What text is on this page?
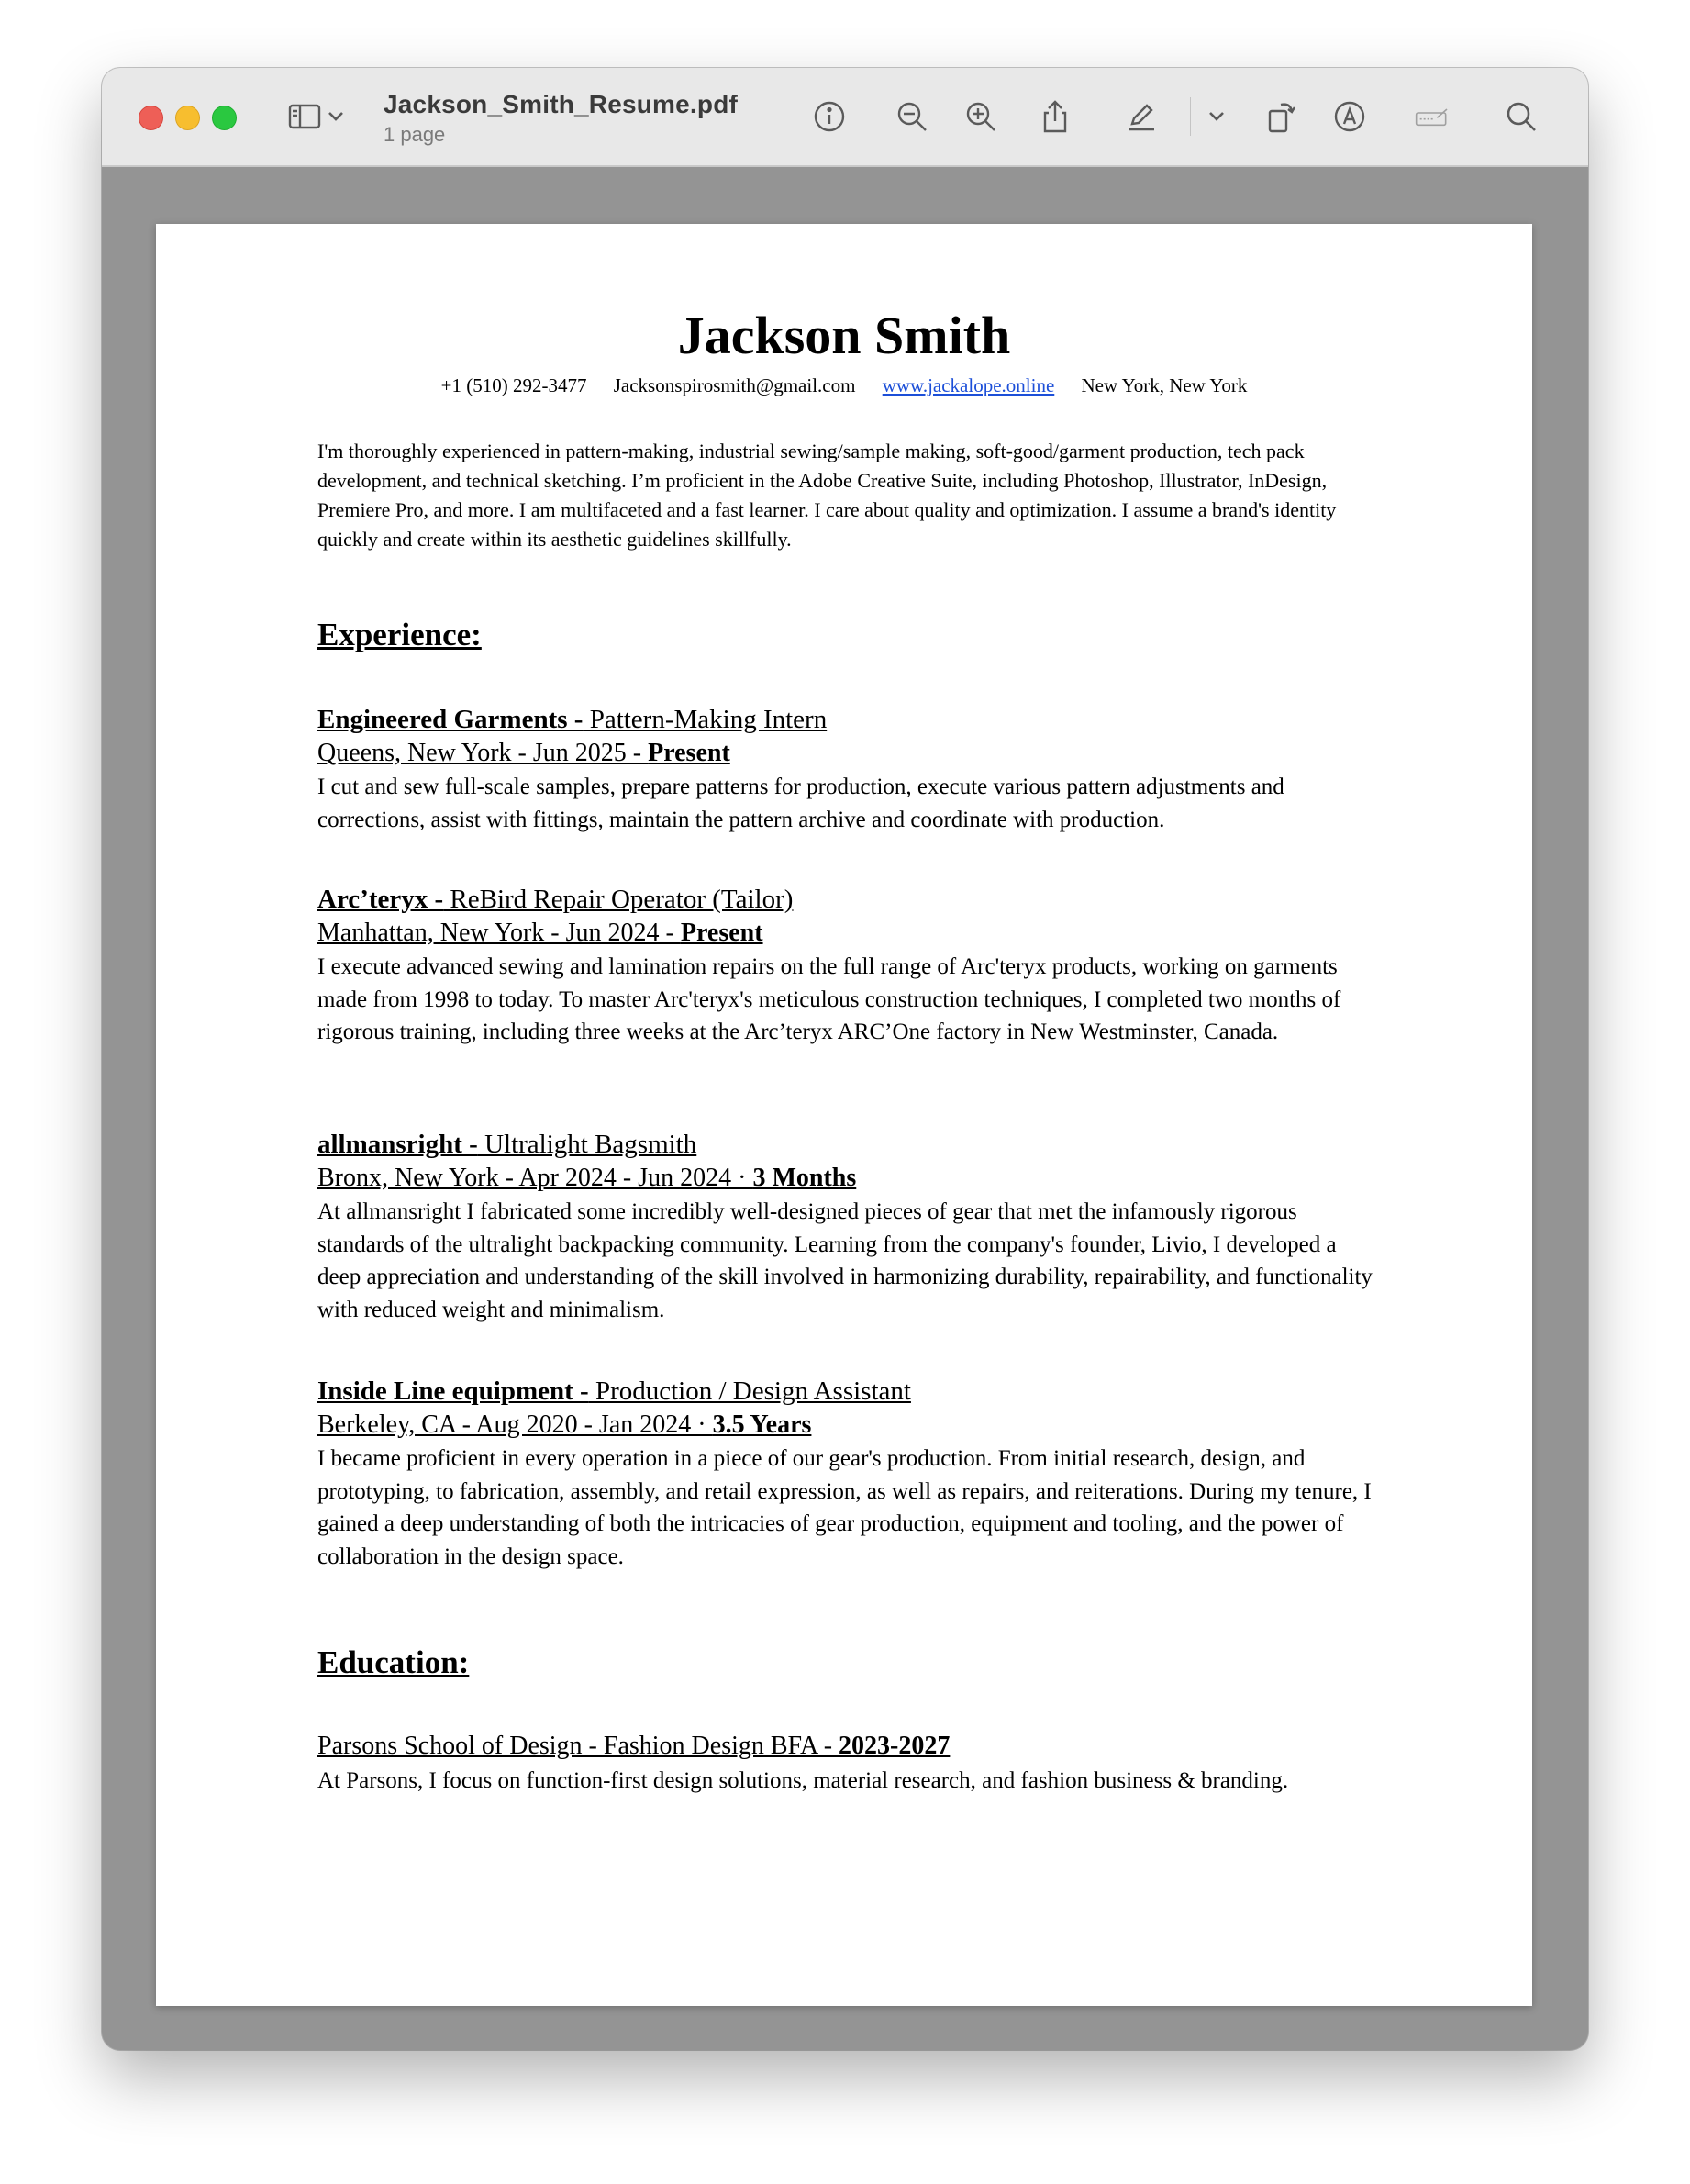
Jackson_Smith_Resume.pdf
1 page
Jackson Smith
+1 (510) 292-3477 Jacksonspirosmith@gmail.com www.jackalope.online New York, New York
I'm thoroughly experienced in pattern-making, industrial sewing/sample making, soft-good/garment production, tech pack development, and technical sketching. I’m proficient in the Adobe Creative Suite, including Photoshop, Illustrator, InDesign, Premiere Pro, and more. I am multifaceted and a fast learner. I care about quality and optimization. I assume a brand's identity quickly and create within its aesthetic guidelines skillfully.
Experience:
Engineered Garments - Pattern-Making Intern
Queens, New York - Jun 2025 - Present
I cut and sew full-scale samples, prepare patterns for production, execute various pattern adjustments and corrections, assist with fittings, maintain the pattern archive and coordinate with production.
Arc’teryx - ReBird Repair Operator (Tailor)
Manhattan, New York - Jun 2024 - Present
I execute advanced sewing and lamination repairs on the full range of Arc'teryx products, working on garments made from 1998 to today. To master Arc'teryx's meticulous construction techniques, I completed two months of rigorous training, including three weeks at the Arc’teryx ARC’One factory in New Westminster, Canada.
allmansright - Ultralight Bagsmith
Bronx, New York - Apr 2024 - Jun 2024 · 3 Months
At allmansright I fabricated some incredibly well-designed pieces of gear that met the infamously rigorous standards of the ultralight backpacking community. Learning from the company's founder, Livio, I developed a deep appreciation and understanding of the skill involved in harmonizing durability, repairability, and functionality with reduced weight and minimalism.
Inside Line equipment - Production / Design Assistant
Berkeley, CA - Aug 2020 - Jan 2024 · 3.5 Years
I became proficient in every operation in a piece of our gear's production. From initial research, design, and prototyping, to fabrication, assembly, and retail expression, as well as repairs, and reiterations. During my tenure, I gained a deep understanding of both the intricacies of gear production, equipment and tooling, and the power of collaboration in the design space.
Education:
Parsons School of Design - Fashion Design BFA - 2023-2027
At Parsons, I focus on function-first design solutions, material research, and fashion business & branding.
